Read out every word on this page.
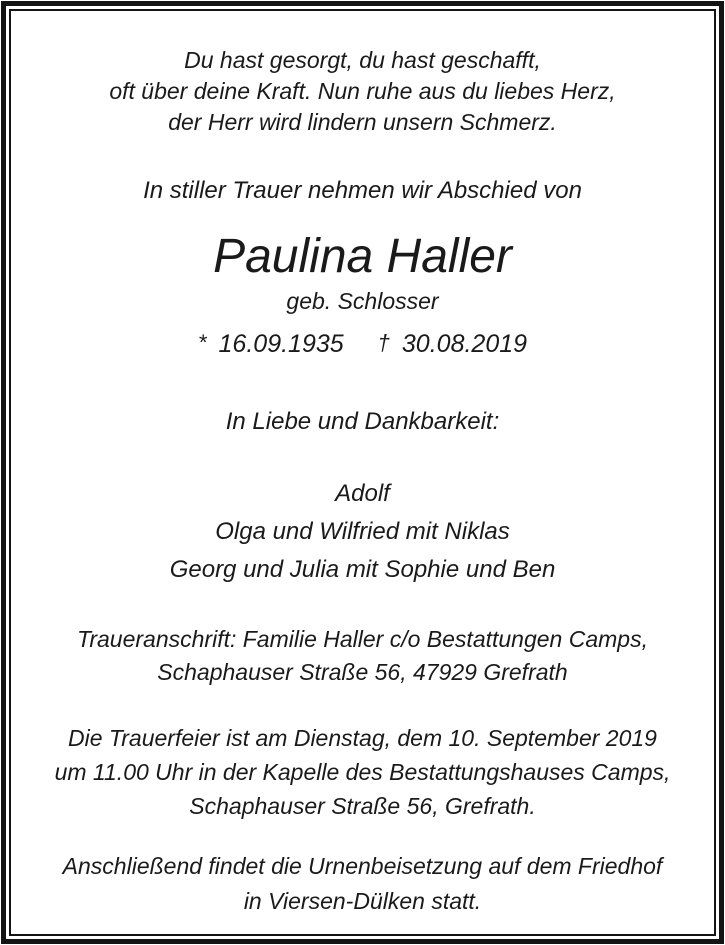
Du hast gesorgt, du hast geschafft,
oft über deine Kraft. Nun ruhe aus du liebes Herz,
der Herr wird lindern unsern Schmerz.
In stiller Trauer nehmen wir Abschied von
Paulina Haller
geb. Schlosser
* 16.09.1935 † 30.08.2019
In Liebe und Dankbarkeit:
Adolf
Olga und Wilfried mit Niklas
Georg und Julia mit Sophie und Ben
Traueranschrift: Familie Haller c/o Bestattungen Camps,
Schaphauser Straße 56, 47929 Grefrath
Die Trauerfeier ist am Dienstag, dem 10. September 2019
um 11.00 Uhr in der Kapelle des Bestattungshauses Camps,
Schaphauser Straße 56, Grefrath.
Anschließend findet die Urnenbeisetzung auf dem Friedhof
in Viersen-Dülken statt.
